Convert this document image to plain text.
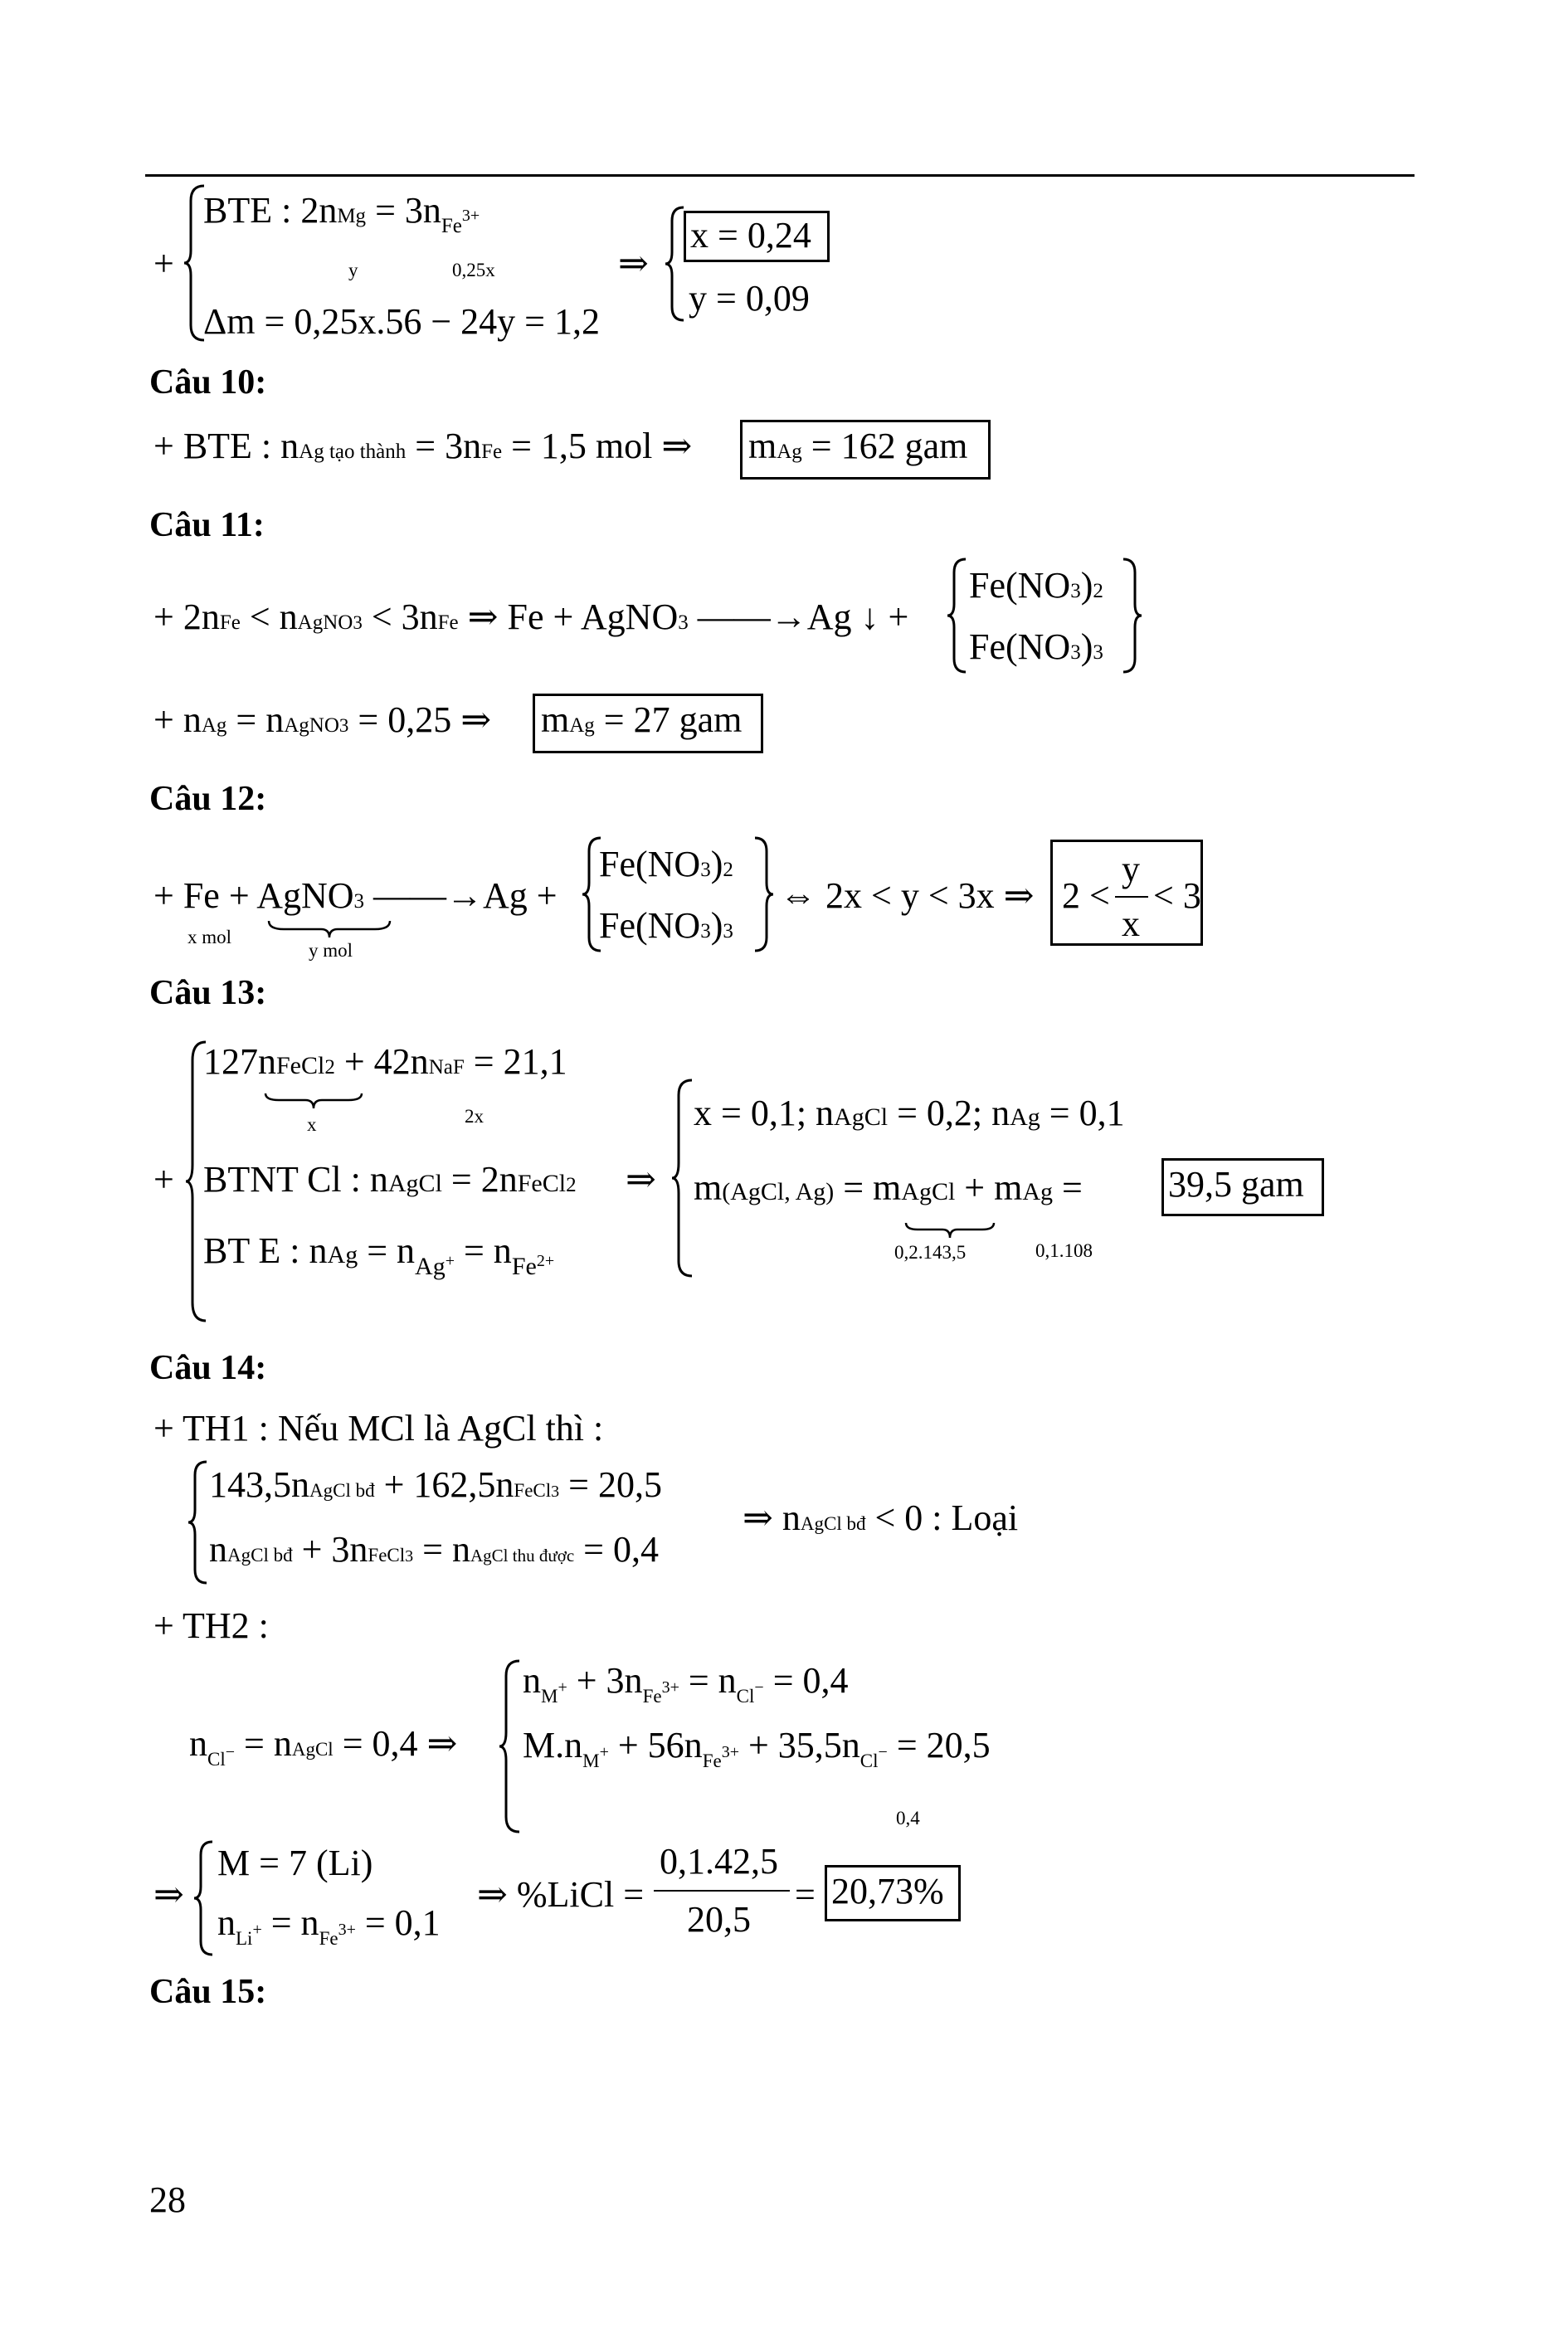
+
BTE : $2nMg = 3n_{Fe}3+$
y	0,25x
Δm = 0,25x.56 − 24y = 1,2
⇒
x = 0,24
y = 0,09
Câu 10:
+ BTE : nAg tạo thành = 3nFe = 1,5 mol ⇒ mAg = 162 gam
Câu 11:
+ 2nFe < nAgNO3 < 3nFe ⇒ Fe + AgNO3 ——→Ag ↓ +
Fe(NO3)2
Fe(NO3)3
+ nAg = nAgNO3 = 0,25 ⇒ mAg = 27 gam
Câu 12:
+ Fe + AgNO3 ——→Ag +
x mol
y mol
Fe(NO3)2
Fe(NO3)3
⇔ 2x < y < 3x ⇒ 2 <
y
x
< 3
Câu 13:
+
127nFeCl2 + 42nNaF = 21,1
x	2x
BTNT Cl : nAgCl = 2nFeCl2
BT E : nAg = $n_{Ag}+ = n_{Fe}2+$
⇒
x = 0,1; nAgCl = 0,2; nAg = 0,1
m(AgCl, Ag) = mAgCl + mAg = 39,5 gam
0,2.143,5	0,1.108
Câu 14:
+ TH1 : Nếu MCl là AgCl thì :
143,5nAgCl bđ + 162,5nFeCl3 = 20,5
nAgCl bđ + 3nFeCl3 = nAgCl thu được = 0,4
⇒ nAgCl bđ < 0 : Loại
+ TH2 :
$n_{Cl}-$ = nAgCl = 0,4 ⇒
$n_M+ + 3n_{Fe}3+ = n_{Cl}- = 0,4$
$M.n_M+ + 56n_{Fe}3+ + 35,5n_{Cl}- = 20,5$
0,4
⇒
M = 7 (Li)
$n_{Li}+ = n_{Fe}3+ = 0,1$
⇒ %LiCl =
0,1.42,5
20,5
= 20,73%
Câu 15:
28
